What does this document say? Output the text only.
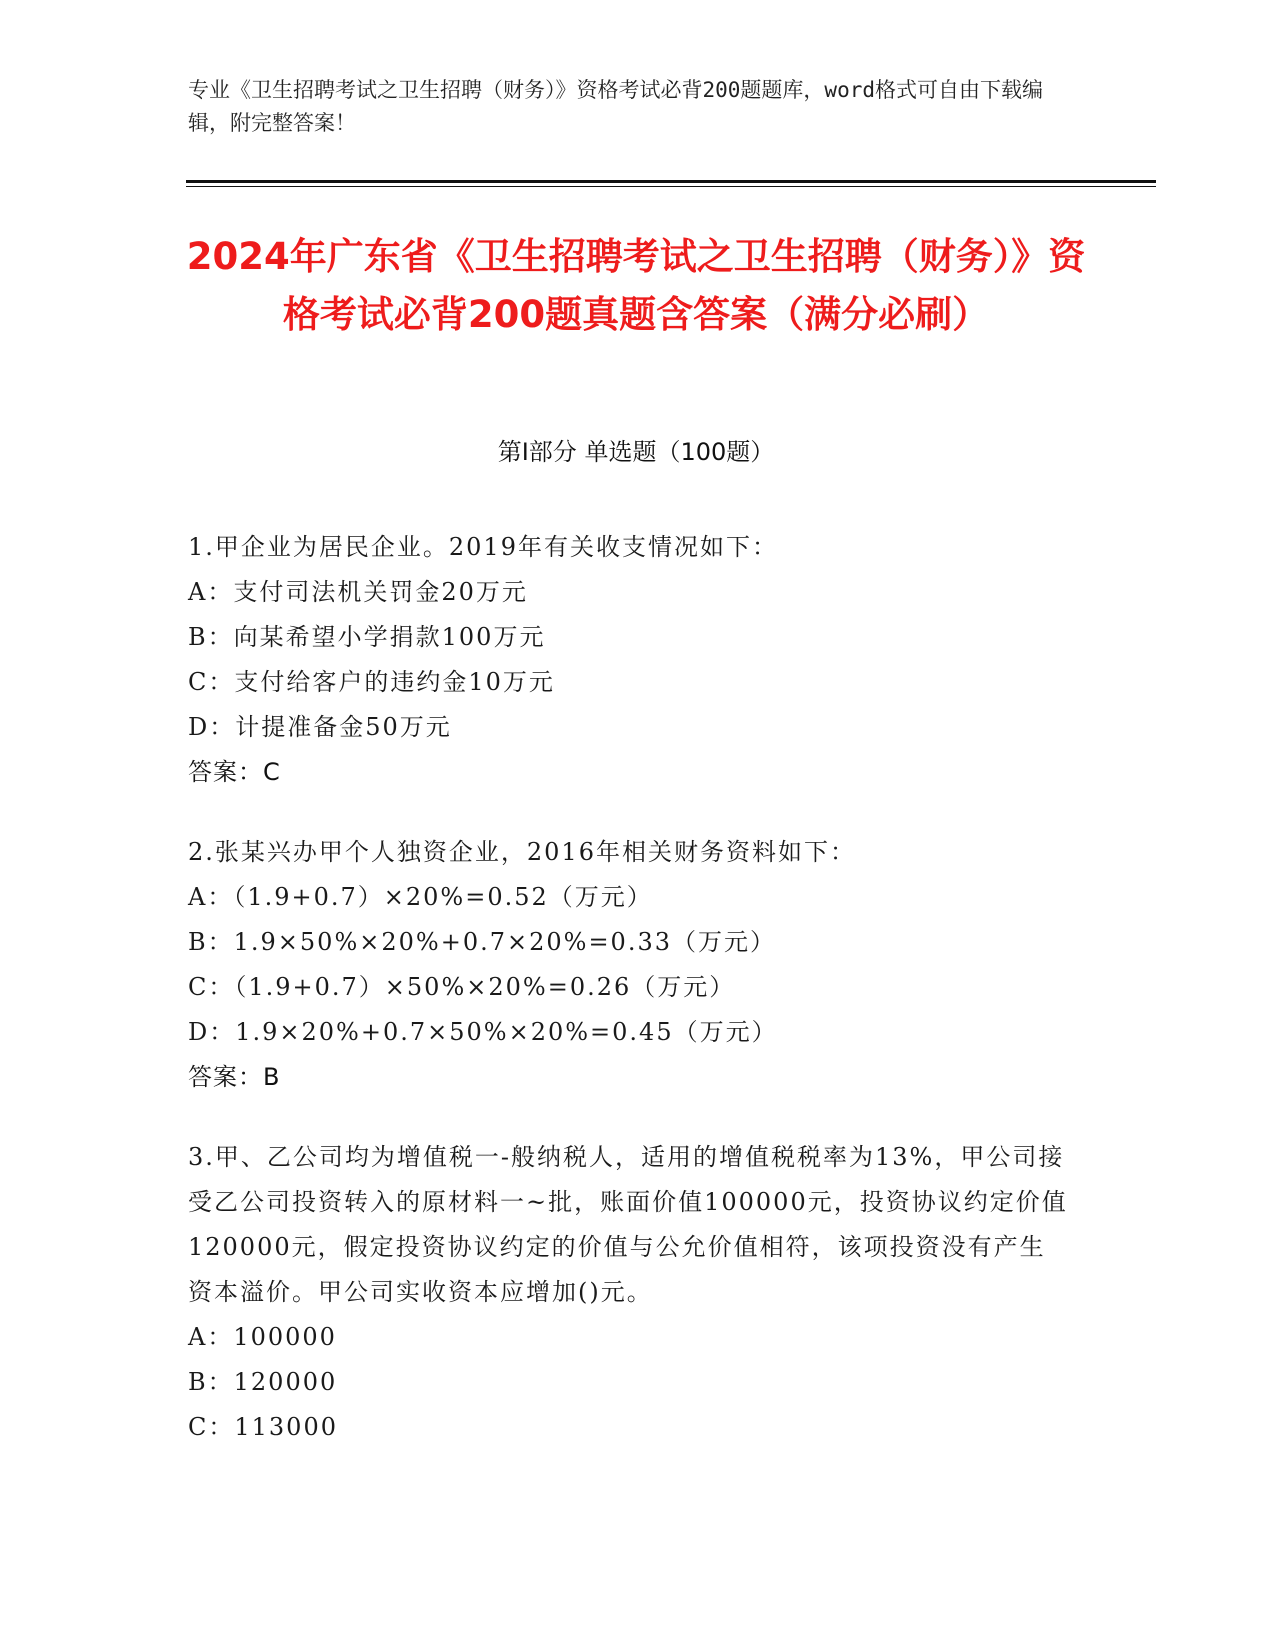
专业《卫生招聘考试之卫生招聘（财务）》资格考试必背200题题库，word格式可自由下载编辑，附完整答案！
2024年广东省《卫生招聘考试之卫生招聘（财务）》资格考试必背200题真题含答案（满分必刷）
第I部分 单选题（100题）
1.甲企业为居民企业。2019年有关收支情况如下：
A：支付司法机关罚金20万元
B：向某希望小学捐款100万元
C：支付给客户的违约金10万元
D：计提准备金50万元
答案：C
2.张某兴办甲个人独资企业，2016年相关财务资料如下：
A：（1.9+0.7）×20%=0.52（万元）
B：1.9×50%×20%+0.7×20%=0.33（万元）
C：（1.9+0.7）×50%×20%=0.26（万元）
D：1.9×20%+0.7×50%×20%=0.45（万元）
答案：B
3.甲、乙公司均为增值税一-般纳税人，适用的增值税税率为13%，甲公司接受乙公司投资转入的原材料一~批，账面价值100000元，投资协议约定价值120000元，假定投资协议约定的价值与公允价值相符，该项投资没有产生资本溢价。甲公司实收资本应增加()元。
A：100000
B：120000
C：113000
